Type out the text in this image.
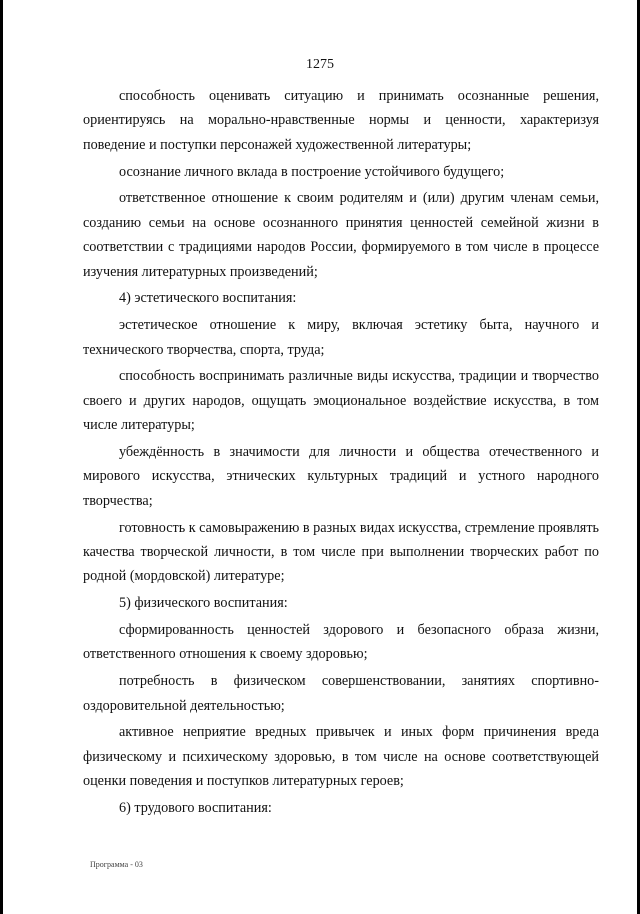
1275

способность оценивать ситуацию и принимать осознанные решения, ориентируясь на морально-нравственные нормы и ценности, характеризуя поведение и поступки персонажей художественной литературы;

осознание личного вклада в построение устойчивого будущего;

ответственное отношение к своим родителям и (или) другим членам семьи, созданию семьи на основе осознанного принятия ценностей семейной жизни в соответствии с традициями народов России, формируемого в том числе в процессе изучения литературных произведений;

4) эстетического воспитания:

эстетическое отношение к миру, включая эстетику быта, научного и технического творчества, спорта, труда;

способность воспринимать различные виды искусства, традиции и творчество своего и других народов, ощущать эмоциональное воздействие искусства, в том числе литературы;

убеждённость в значимости для личности и общества отечественного и мирового искусства, этнических культурных традиций и устного народного творчества;

готовность к самовыражению в разных видах искусства, стремление проявлять качества творческой личности, в том числе при выполнении творческих работ по родной (мордовской) литературе;

5) физического воспитания:

сформированность ценностей здорового и безопасного образа жизни, ответственного отношения к своему здоровью;

потребность в физическом совершенствовании, занятиях спортивно-оздоровительной деятельностью;

активное неприятие вредных привычек и иных форм причинения вреда физическому и психическому здоровью, в том числе на основе соответствующей оценки поведения и поступков литературных героев;

6) трудового воспитания:

Программа - 03
